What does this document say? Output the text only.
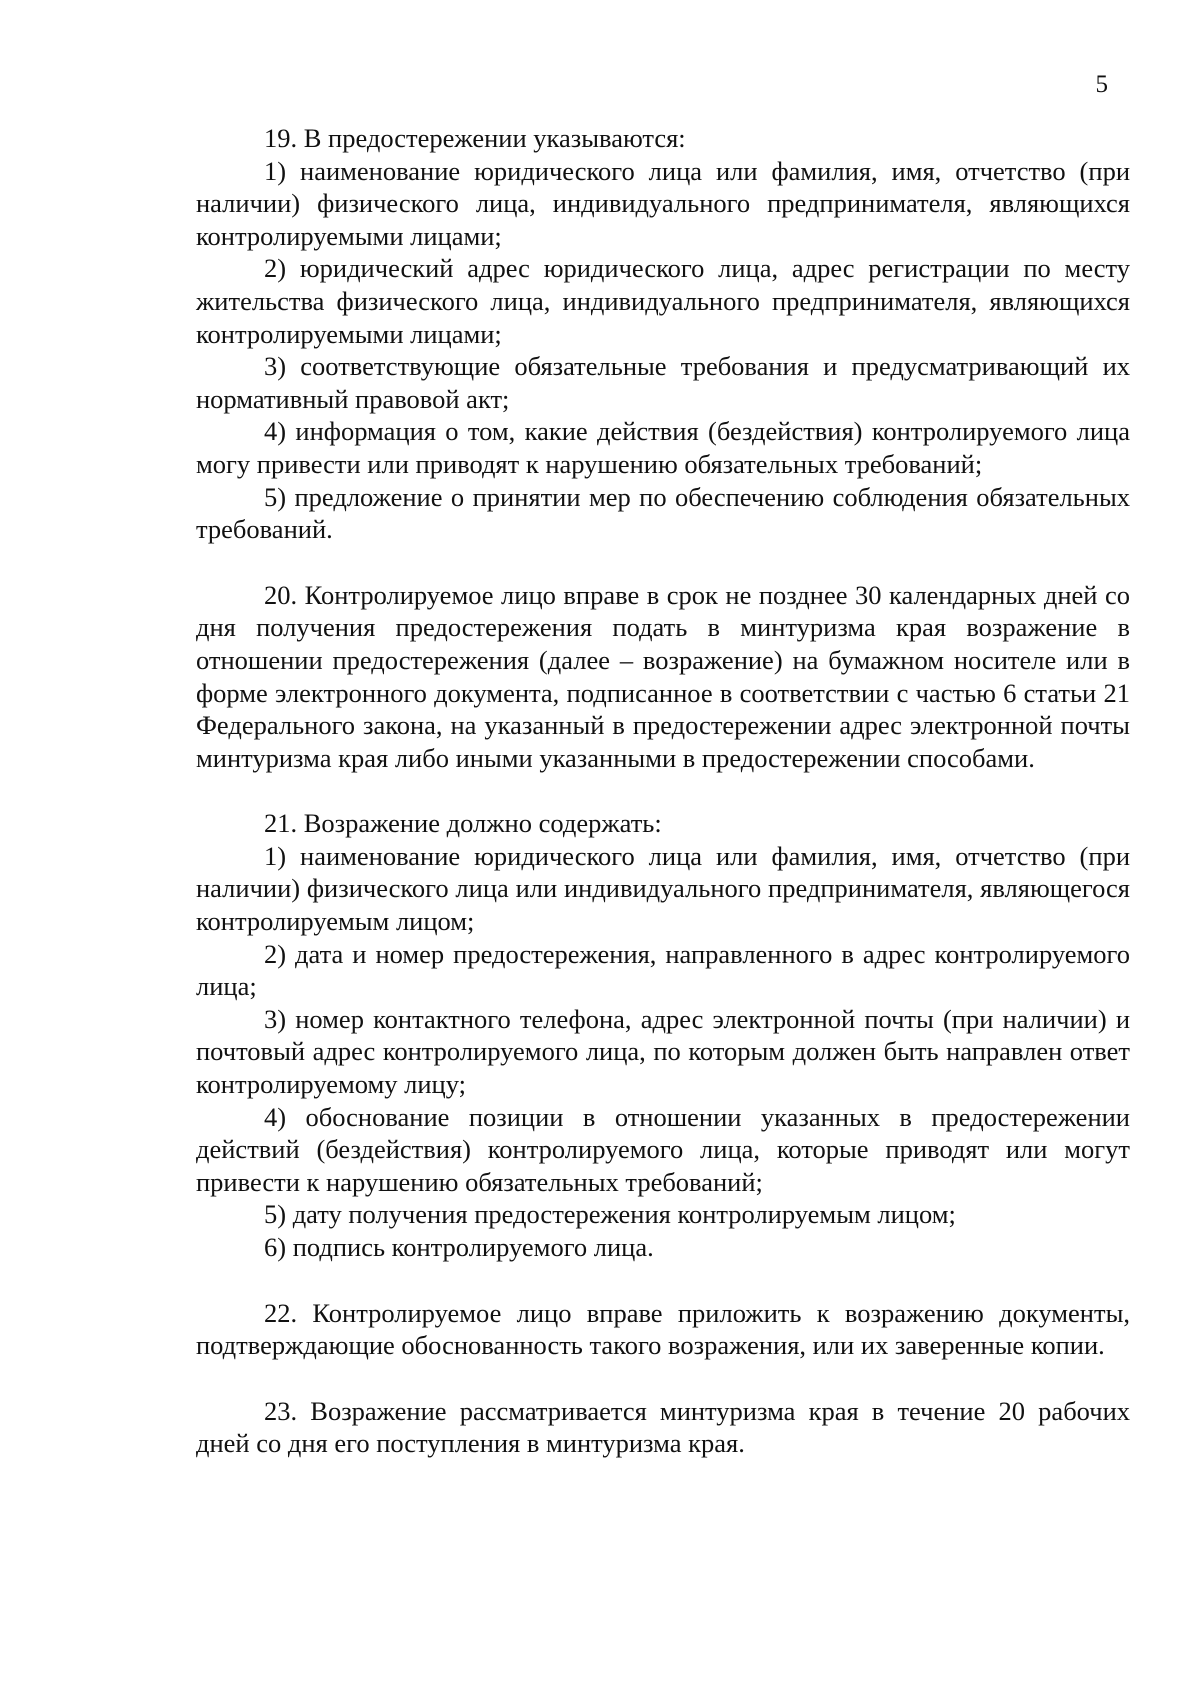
5

19. В предостережении указываются:

1) наименование юридического лица или фамилия, имя, отчетство (при наличии) физического лица, индивидуального предпринимателя, являющихся контролируемыми лицами;

2) юридический адрес юридического лица, адрес регистрации по месту жительства физического лица, индивидуального предпринимателя, являющихся контролируемыми лицами;

3) соответствующие обязательные требования и предусматривающий их нормативный правовой акт;

4) информация о том, какие действия (бездействия) контролируемого лица могу привести или приводят к нарушению обязательных требований;

5) предложение о принятии мер по обеспечению соблюдения обязательных требований.

20. Контролируемое лицо вправе в срок не позднее 30 календарных дней со дня получения предостережения подать в минтуризма края возражение в отношении предостережения (далее – возражение) на бумажном носителе или в форме электронного документа, подписанное в соответствии с частью 6 статьи 21 Федерального закона, на указанный в предостережении адрес электронной почты минтуризма края либо иными указанными в предостережении способами.

21. Возражение должно содержать:

1) наименование юридического лица или фамилия, имя, отчетство (при наличии) физического лица или индивидуального предпринимателя, являющегося контролируемым лицом;

2) дата и номер предостережения, направленного в адрес контролируемого лица;

3) номер контактного телефона, адрес электронной почты (при наличии) и почтовый адрес контролируемого лица, по которым должен быть направлен ответ контролируемому лицу;

4) обоснование позиции в отношении указанных в предостережении действий (бездействия) контролируемого лица, которые приводят или могут привести к нарушению обязательных требований;

5) дату получения предостережения контролируемым лицом;

6) подпись контролируемого лица.

22. Контролируемое лицо вправе приложить к возражению документы, подтверждающие обоснованность такого возражения, или их заверенные копии.

23. Возражение рассматривается минтуризма края в течение 20 рабочих дней со дня его поступления в минтуризма края.
